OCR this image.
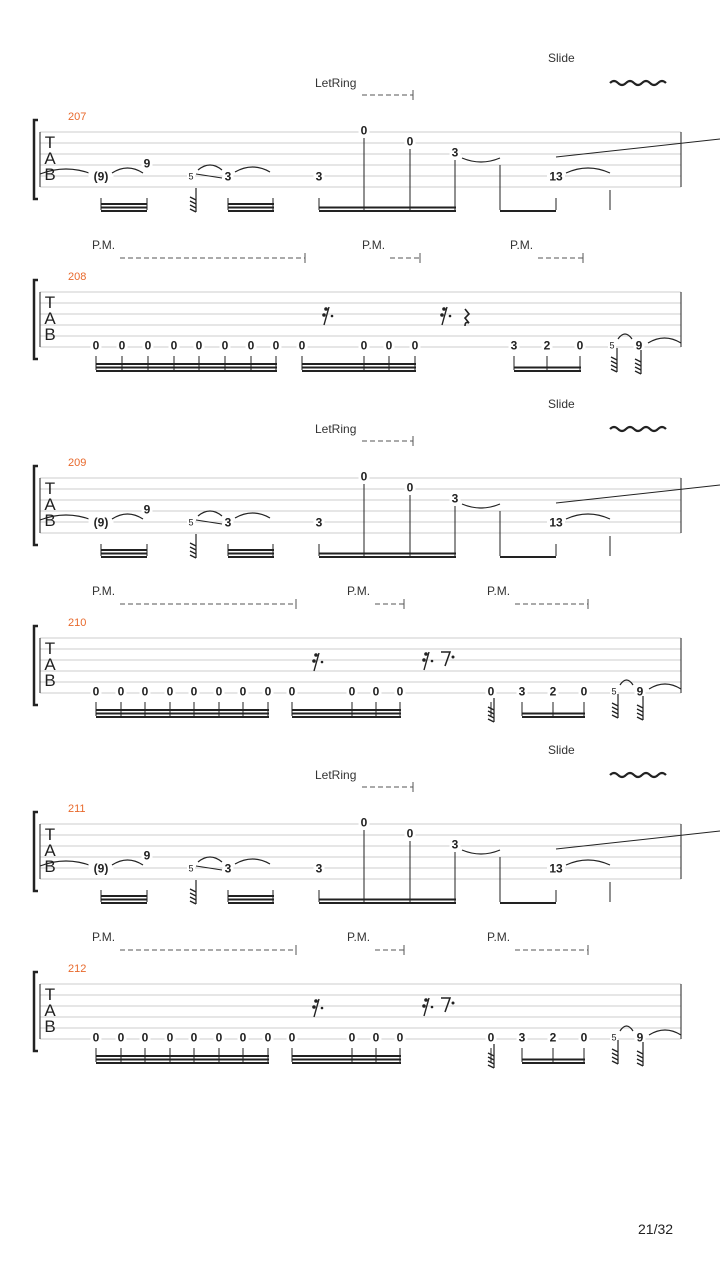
Slide
LetRing
207
T
A
B	(9)
9
5	3	3
0
0
3
13
P.M.	P.M.	P.M.
208
T
A
B
0 0 0 0 0 0 0 0 0	0 0 0	3 2 0	5 9
Slide
LetRing
209
T
A
B	(9)
9
5	3	3
0
0
3
13
P.M.	P.M.	P.M.
210
T
A
B
0 0 0 0 0 0 0 0 0	0 0 0	0 3 2 0	5 9
Slide
LetRing
211
T
A
B	(9)
9
5	3	3
0
0
3
13
P.M.	P.M.	P.M.
212
T
A
B
0 0 0 0 0 0 0 0 0	0 0 0	0 3 2 0	5 9
21/32
